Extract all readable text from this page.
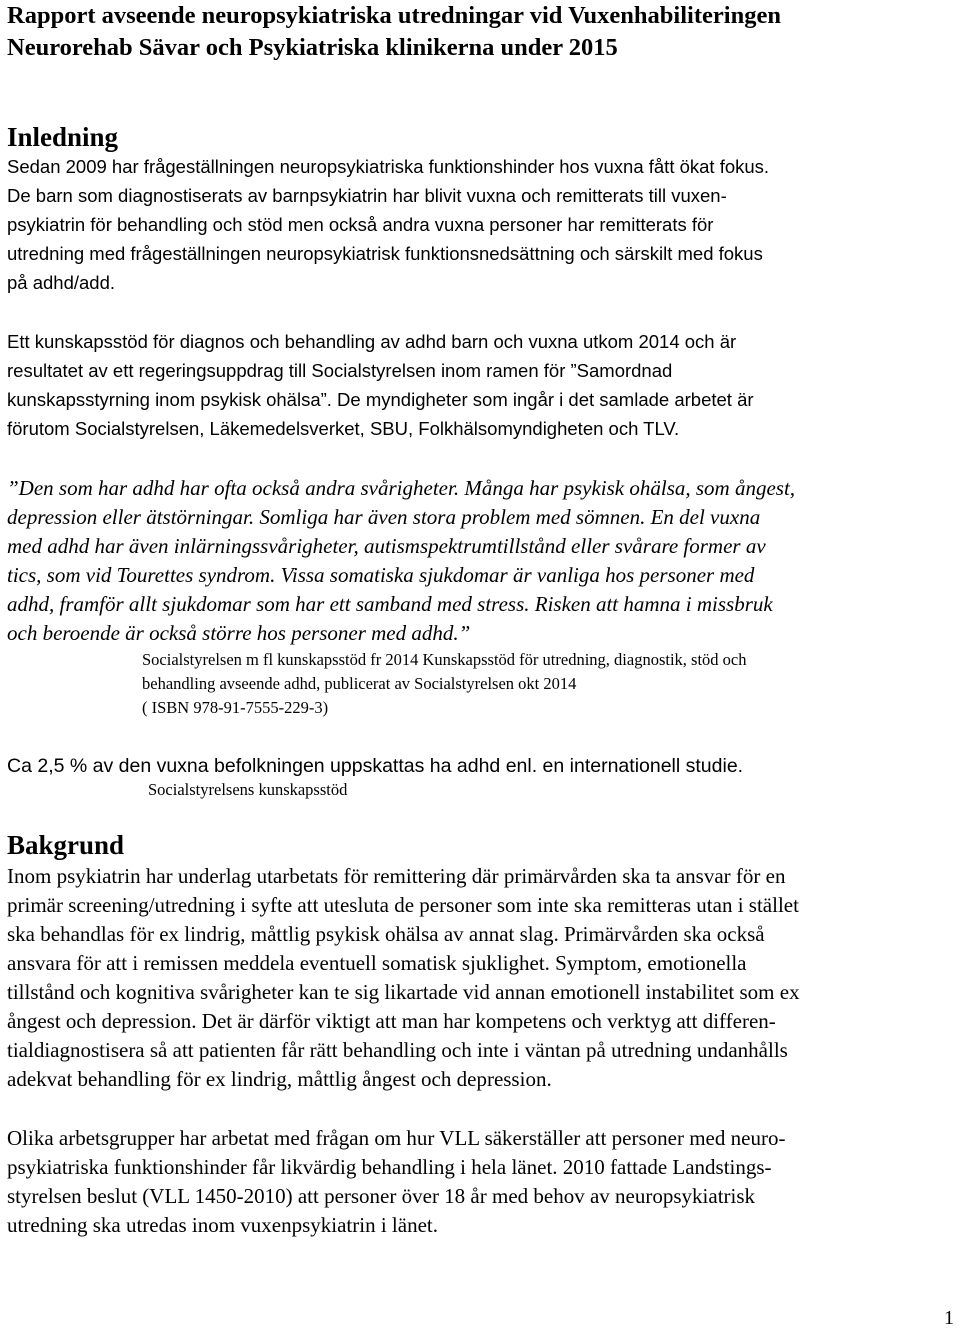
Rapport avseende neuropsykiatriska utredningar vid Vuxenhabiliteringen
Neurorehab Sävar och Psykiatriska klinikerna under 2015
Inledning

Sedan 2009 har frågeställningen neuropsykiatriska funktionshinder hos vuxna fått ökat fokus.
De barn som diagnostiserats av barnpsykiatrin har blivit vuxna och remitterats till vuxen-
psykiatrin för behandling och stöd men också andra vuxna personer har remitterats för
utredning med frågeställningen neuropsykiatrisk funktionsnedsättning och särskilt med fokus
på adhd/add.

Ett kunskapsstöd för diagnos och behandling av adhd barn och vuxna utkom 2014 och är
resultatet av ett regeringsuppdrag till Socialstyrelsen inom ramen för ”Samordnad
kunskapsstyrning inom psykisk ohälsa”. De myndigheter som ingår i det samlade arbetet är
förutom Socialstyrelsen, Läkemedelsverket, SBU, Folkhälsomyndigheten och TLV.

”Den som har adhd har ofta också andra svårigheter. Många har psykisk ohälsa, som ångest,
depression eller ätstörningar. Somliga har även stora problem med sömnen. En del vuxna
med adhd har även inlärningssvårigheter, autismspektrumtillstånd eller svårare former av
tics, som vid Tourettes syndrom. Vissa somatiska sjukdomar är vanliga hos personer med
adhd, framför allt sjukdomar som har ett samband med stress. Risken att hamna i missbruk
och beroende är också större hos personer med adhd.”

Socialstyrelsen m fl kunskapsstöd fr 2014 Kunskapsstöd för utredning, diagnostik, stöd och
behandling avseende adhd, publicerat av Socialstyrelsen okt 2014
( ISBN 978-91-7555-229-3)

Ca 2,5 % av den vuxna befolkningen uppskattas ha adhd enl. en internationell studie.

Socialstyrelsens kunskapsstöd

Bakgrund

Inom psykiatrin har underlag utarbetats för remittering där primärvården ska ta ansvar för en
primär screening/utredning i syfte att utesluta de personer som inte ska remitteras utan i stället
ska behandlas för ex lindrig, måttlig psykisk ohälsa av annat slag. Primärvården ska också
ansvara för att i remissen meddela eventuell somatisk sjuklighet. Symptom, emotionella
tillstånd och kognitiva svårigheter kan te sig likartade vid annan emotionell instabilitet som ex
ångest och depression. Det är därför viktigt att man har kompetens och verktyg att differen-
tialdiagnostisera så att patienten får rätt behandling och inte i väntan på utredning undanhålls
adekvat behandling för ex lindrig, måttlig ångest och depression.

Olika arbetsgrupper har arbetat med frågan om hur VLL säkerställer att personer med neuro-
psykiatriska funktionshinder får likvärdig behandling i hela länet. 2010 fattade Landstings-
styrelsen beslut (VLL 1450-2010) att personer över 18 år med behov av neuropsykiatrisk
utredning ska utredas inom vuxenpsykiatrin i länet.

1
